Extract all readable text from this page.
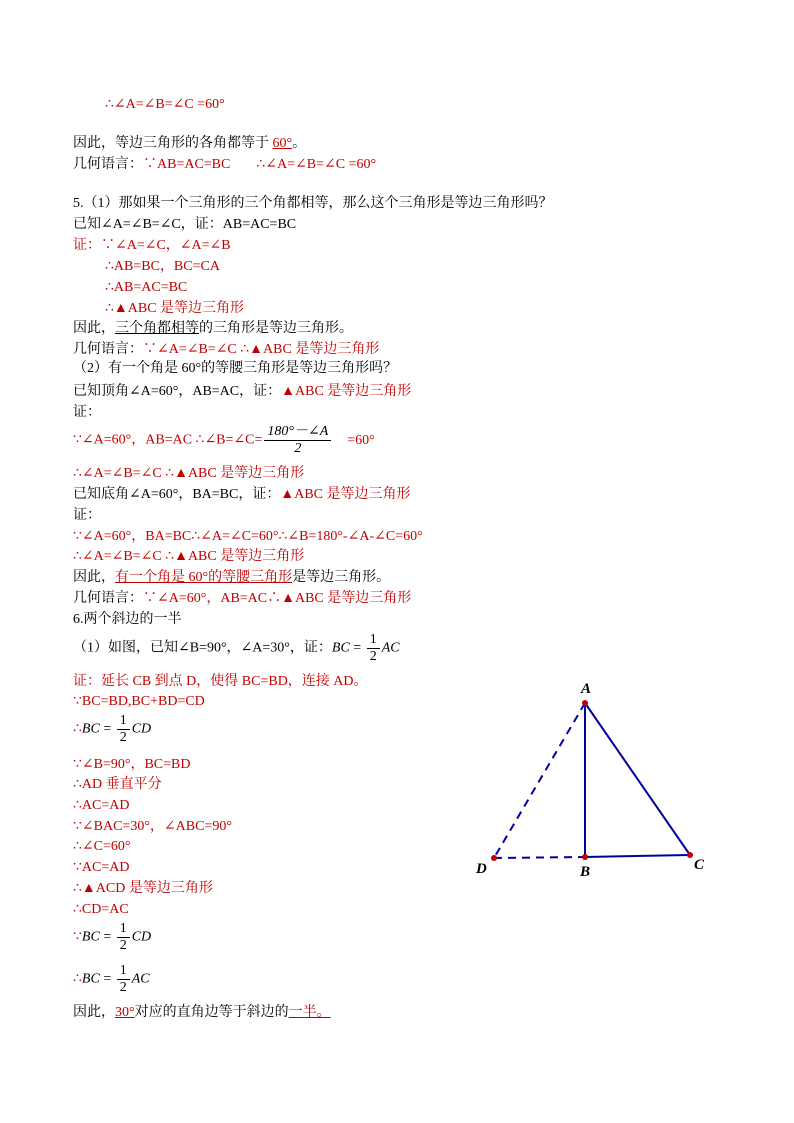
∴∠A=∠B=∠C =60°
因此，等边三角形的各角都等于 60°。
几何语言：∵AB=AC=BC ∴∠A=∠B=∠C =60°
5.（1）那如果一个三角形的三个角都相等，那么这个三角形是等边三角形吗？
已知∠A=∠B=∠C，证：AB=AC=BC
证：∵∠A=∠C，∠A=∠B
∴AB=BC，BC=CA
∴AB=AC=BC
∴▲ABC 是等边三角形
因此，三个角都相等的三角形是等边三角形。
几何语言：∵∠A=∠B=∠C ∴▲ABC 是等边三角形
（2）有一个角是 60°的等腰三角形是等边三角形吗？
已知顶角∠A=60°，AB=AC，证：▲ABC 是等边三角形
证：
∵∠A=60°，AB=AC ∴∠B=∠C= $\frac{180^\circ-\angle A}{2} =60^\circ$
∴∠A=∠B=∠C ∴▲ABC 是等边三角形
已知底角∠A=60°，BA=BC，证：▲ABC 是等边三角形
证：
∵∠A=60°，BA=BC∴∠A=∠C=60°∴∠B=180°-∠A-∠C=60°
∴∠A=∠B=∠C ∴▲ABC 是等边三角形
因此，有一个角是 60°的等腰三角形是等边三角形。
几何语言：∵∠A=60°，AB=AC∴▲ABC 是等边三角形
6.两个斜边的一半
（1）如图，已知∠B=90°，∠A=30°，证：BC = $\frac{1}{2}$ AC
证：延长 CB 到点 D，使得 BC=BD，连接 AD。
∵BC=BD,BC+BD=CD
∴BC = $\frac{1}{2}$ CD
∵∠B=90°，BC=BD
∴AD 垂直平分
∴AC=AD
∵∠BAC=30°，∠ABC=90°
∴∠C=60°
∵AC=AD
∴▲ACD 是等边三角形
∴CD=AC
∵BC = $\frac{1}{2}$ CD
∴BC = $\frac{1}{2}$ AC
因此，30°对应的直角边等于斜边的一半。
A
B	C
D
